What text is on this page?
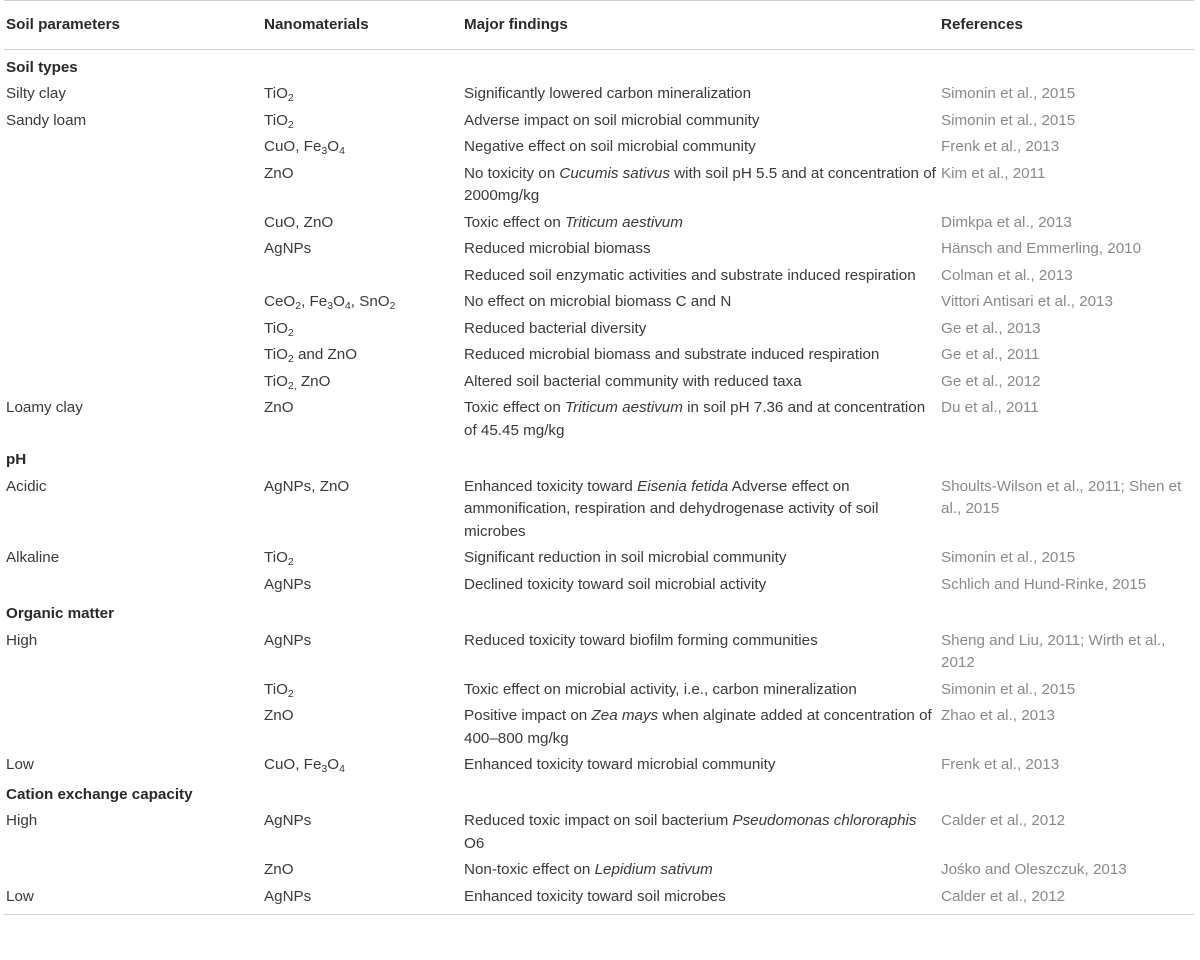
Soil parameters	Nanomaterials	Major findings	References
Soil types			
Silty clay	TiO$_2$	Significantly lowered carbon mineralization	Simonin et al., 2015
Sandy loam	TiO$_2$	Adverse impact on soil microbial community	Simonin et al., 2015
	CuO, $Fe_3O_4$	Negative effect on soil microbial community	Frenk et al., 2013
	ZnO	No toxicity on Cucumis sativus with soil pH 5.5 and at concentration of 2000mg/kg	Kim et al., 2011
	CuO, ZnO	Toxic effect on Triticum aestivum	Dimkpa et al., 2013
	AgNPs	Reduced microbial biomass	Hänsch and Emmerling, 2010
		Reduced soil enzymatic activities and substrate induced respiration	Colman et al., 2013
	CeO$_2$, $Fe_3O_4$, SnO$_2$	No effect on microbial biomass C and N	Vittori Antisari et al., 2013
	TiO$_2$	Reduced bacterial diversity	Ge et al., 2013
	TiO$_2$ and ZnO	Reduced microbial biomass and substrate induced respiration	Ge et al., 2011
	TiO$_{2,}$ ZnO	Altered soil bacterial community with reduced taxa	Ge et al., 2012
Loamy clay	ZnO	Toxic effect on Triticum aestivum in soil pH 7.36 and at concentration of 45.45 mg/kg	Du et al., 2011
pH			
Acidic	AgNPs, ZnO	Enhanced toxicity toward Eisenia fetida Adverse effect on ammonification, respiration and dehydrogenase activity of soil microbes	Shoults-Wilson et al., 2011; Shen et al., 2015
Alkaline	TiO$_2$	Significant reduction in soil microbial community	Simonin et al., 2015
	AgNPs	Declined toxicity toward soil microbial activity	Schlich and Hund-Rinke, 2015
Organic matter			
High	AgNPs	Reduced toxicity toward biofilm forming communities	Sheng and Liu, 2011; Wirth et al., 2012
	TiO$_2$	Toxic effect on microbial activity, i.e., carbon mineralization	Simonin et al., 2015
	ZnO	Positive impact on Zea mays when alginate added at concentration of 400–800 mg/kg	Zhao et al., 2013
Low	CuO, $Fe_3O_4$	Enhanced toxicity toward microbial community	Frenk et al., 2013
Cation exchange capacity			
High	AgNPs	Reduced toxic impact on soil bacterium Pseudomonas chlororaphis O6	Calder et al., 2012
	ZnO	Non-toxic effect on Lepidium sativum	Jośko and Oleszczuk, 2013
Low	AgNPs	Enhanced toxicity toward soil microbes	Calder et al., 2012
